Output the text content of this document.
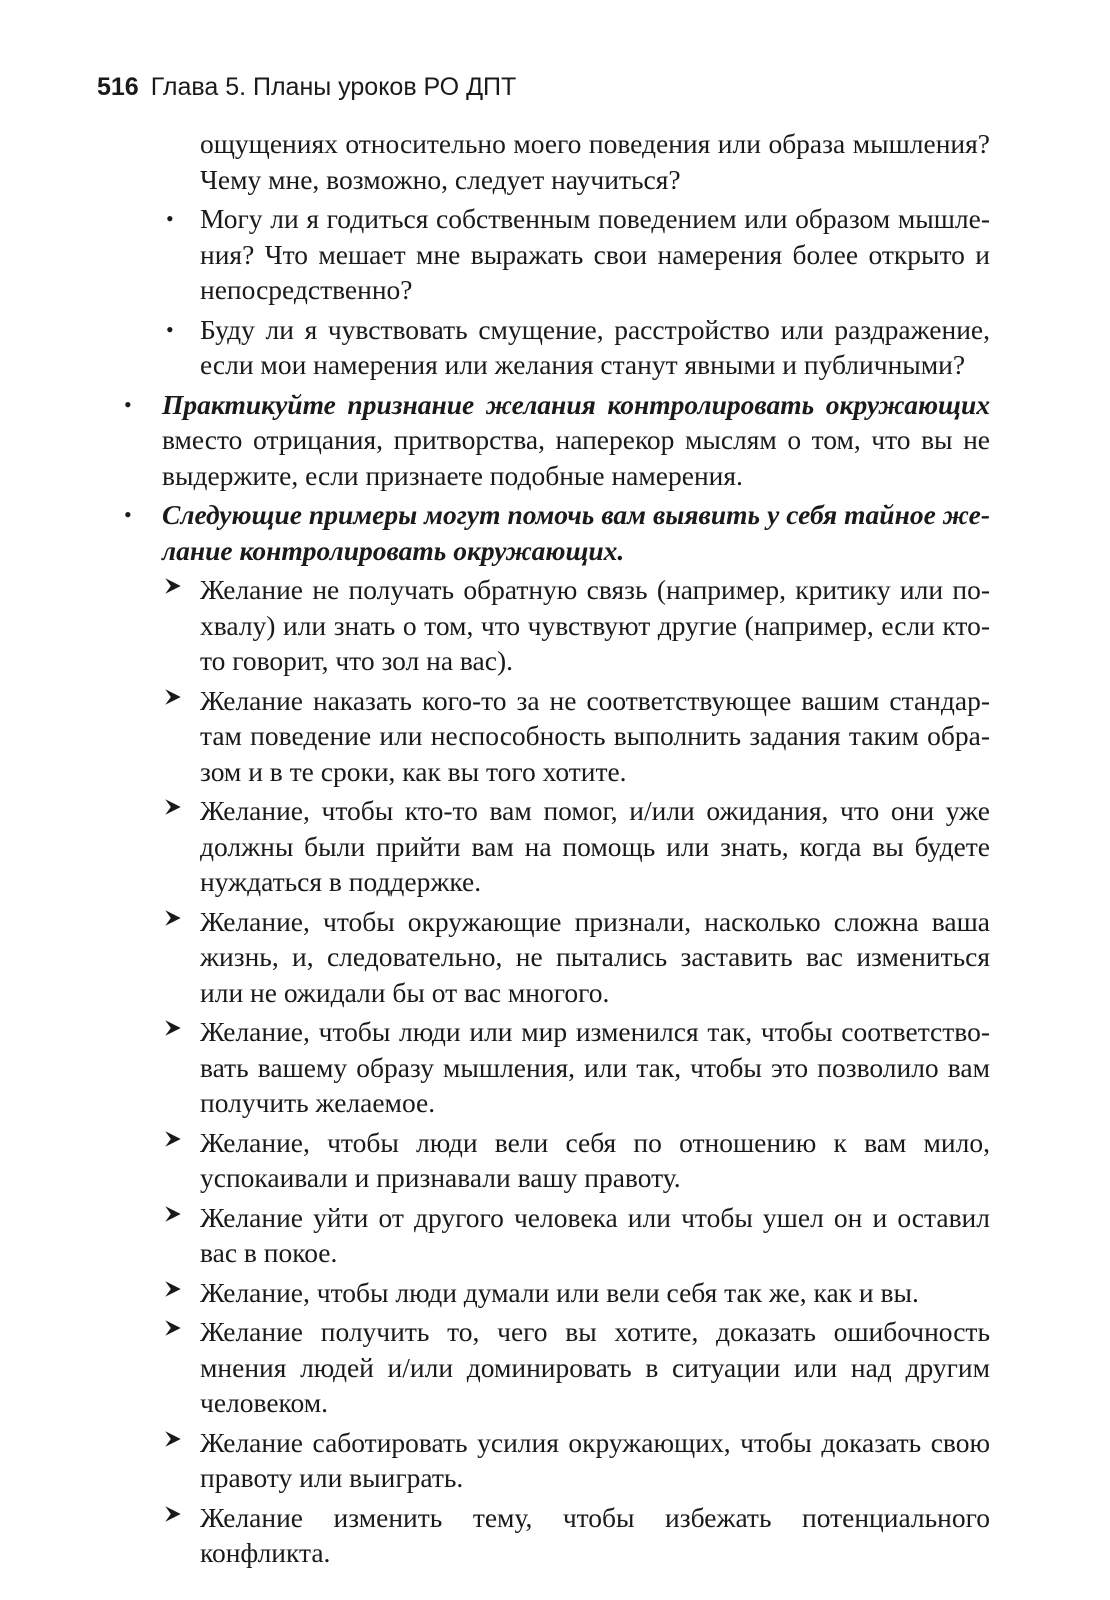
516 Глава 5. Планы уроков РО ДПТ

ощущениях относительно моего поведения или образа мышления? Чему мне, возможно, следует научиться?

• Могу ли я годиться собственным поведением или образом мышления? Что мешает мне выражать свои намерения более открыто и непосредственно?

• Буду ли я чувствовать смущение, расстройство или раздражение, если мои намерения или желания станут явными и публичными?

• Практикуйте признание желания контролировать окружающих вместо отрицания, притворства, наперекор мыслям о том, что вы не выдержите, если признаете подобные намерения.

• Следующие примеры могут помочь вам выявить у себя тайное желание контролировать окружающих.

Желание не получать обратную связь (например, критику или похвалу) или знать о том, что чувствуют другие (например, если кто-то говорит, что зол на вас).

Желание наказать кого-то за не соответствующее вашим стандартам поведение или неспособность выполнить задания таким образом и в те сроки, как вы того хотите.

Желание, чтобы кто-то вам помог, и/или ожидания, что они уже должны были прийти вам на помощь или знать, когда вы будете нуждаться в поддержке.

Желание, чтобы окружающие признали, насколько сложна ваша жизнь, и, следовательно, не пытались заставить вас измениться или не ожидали бы от вас многого.

Желание, чтобы люди или мир изменился так, чтобы соответствовать вашему образу мышления, или так, чтобы это позволило вам получить желаемое.

Желание, чтобы люди вели себя по отношению к вам мило, успокаивали и признавали вашу правоту.

Желание уйти от другого человека или чтобы ушел он и оставил вас в покое.

Желание, чтобы люди думали или вели себя так же, как и вы.

Желание получить то, чего вы хотите, доказать ошибочность мнения людей и/или доминировать в ситуации или над другим человеком.

Желание саботировать усилия окружающих, чтобы доказать свою правоту или выиграть.

Желание изменить тему, чтобы избежать потенциального конфликта.
